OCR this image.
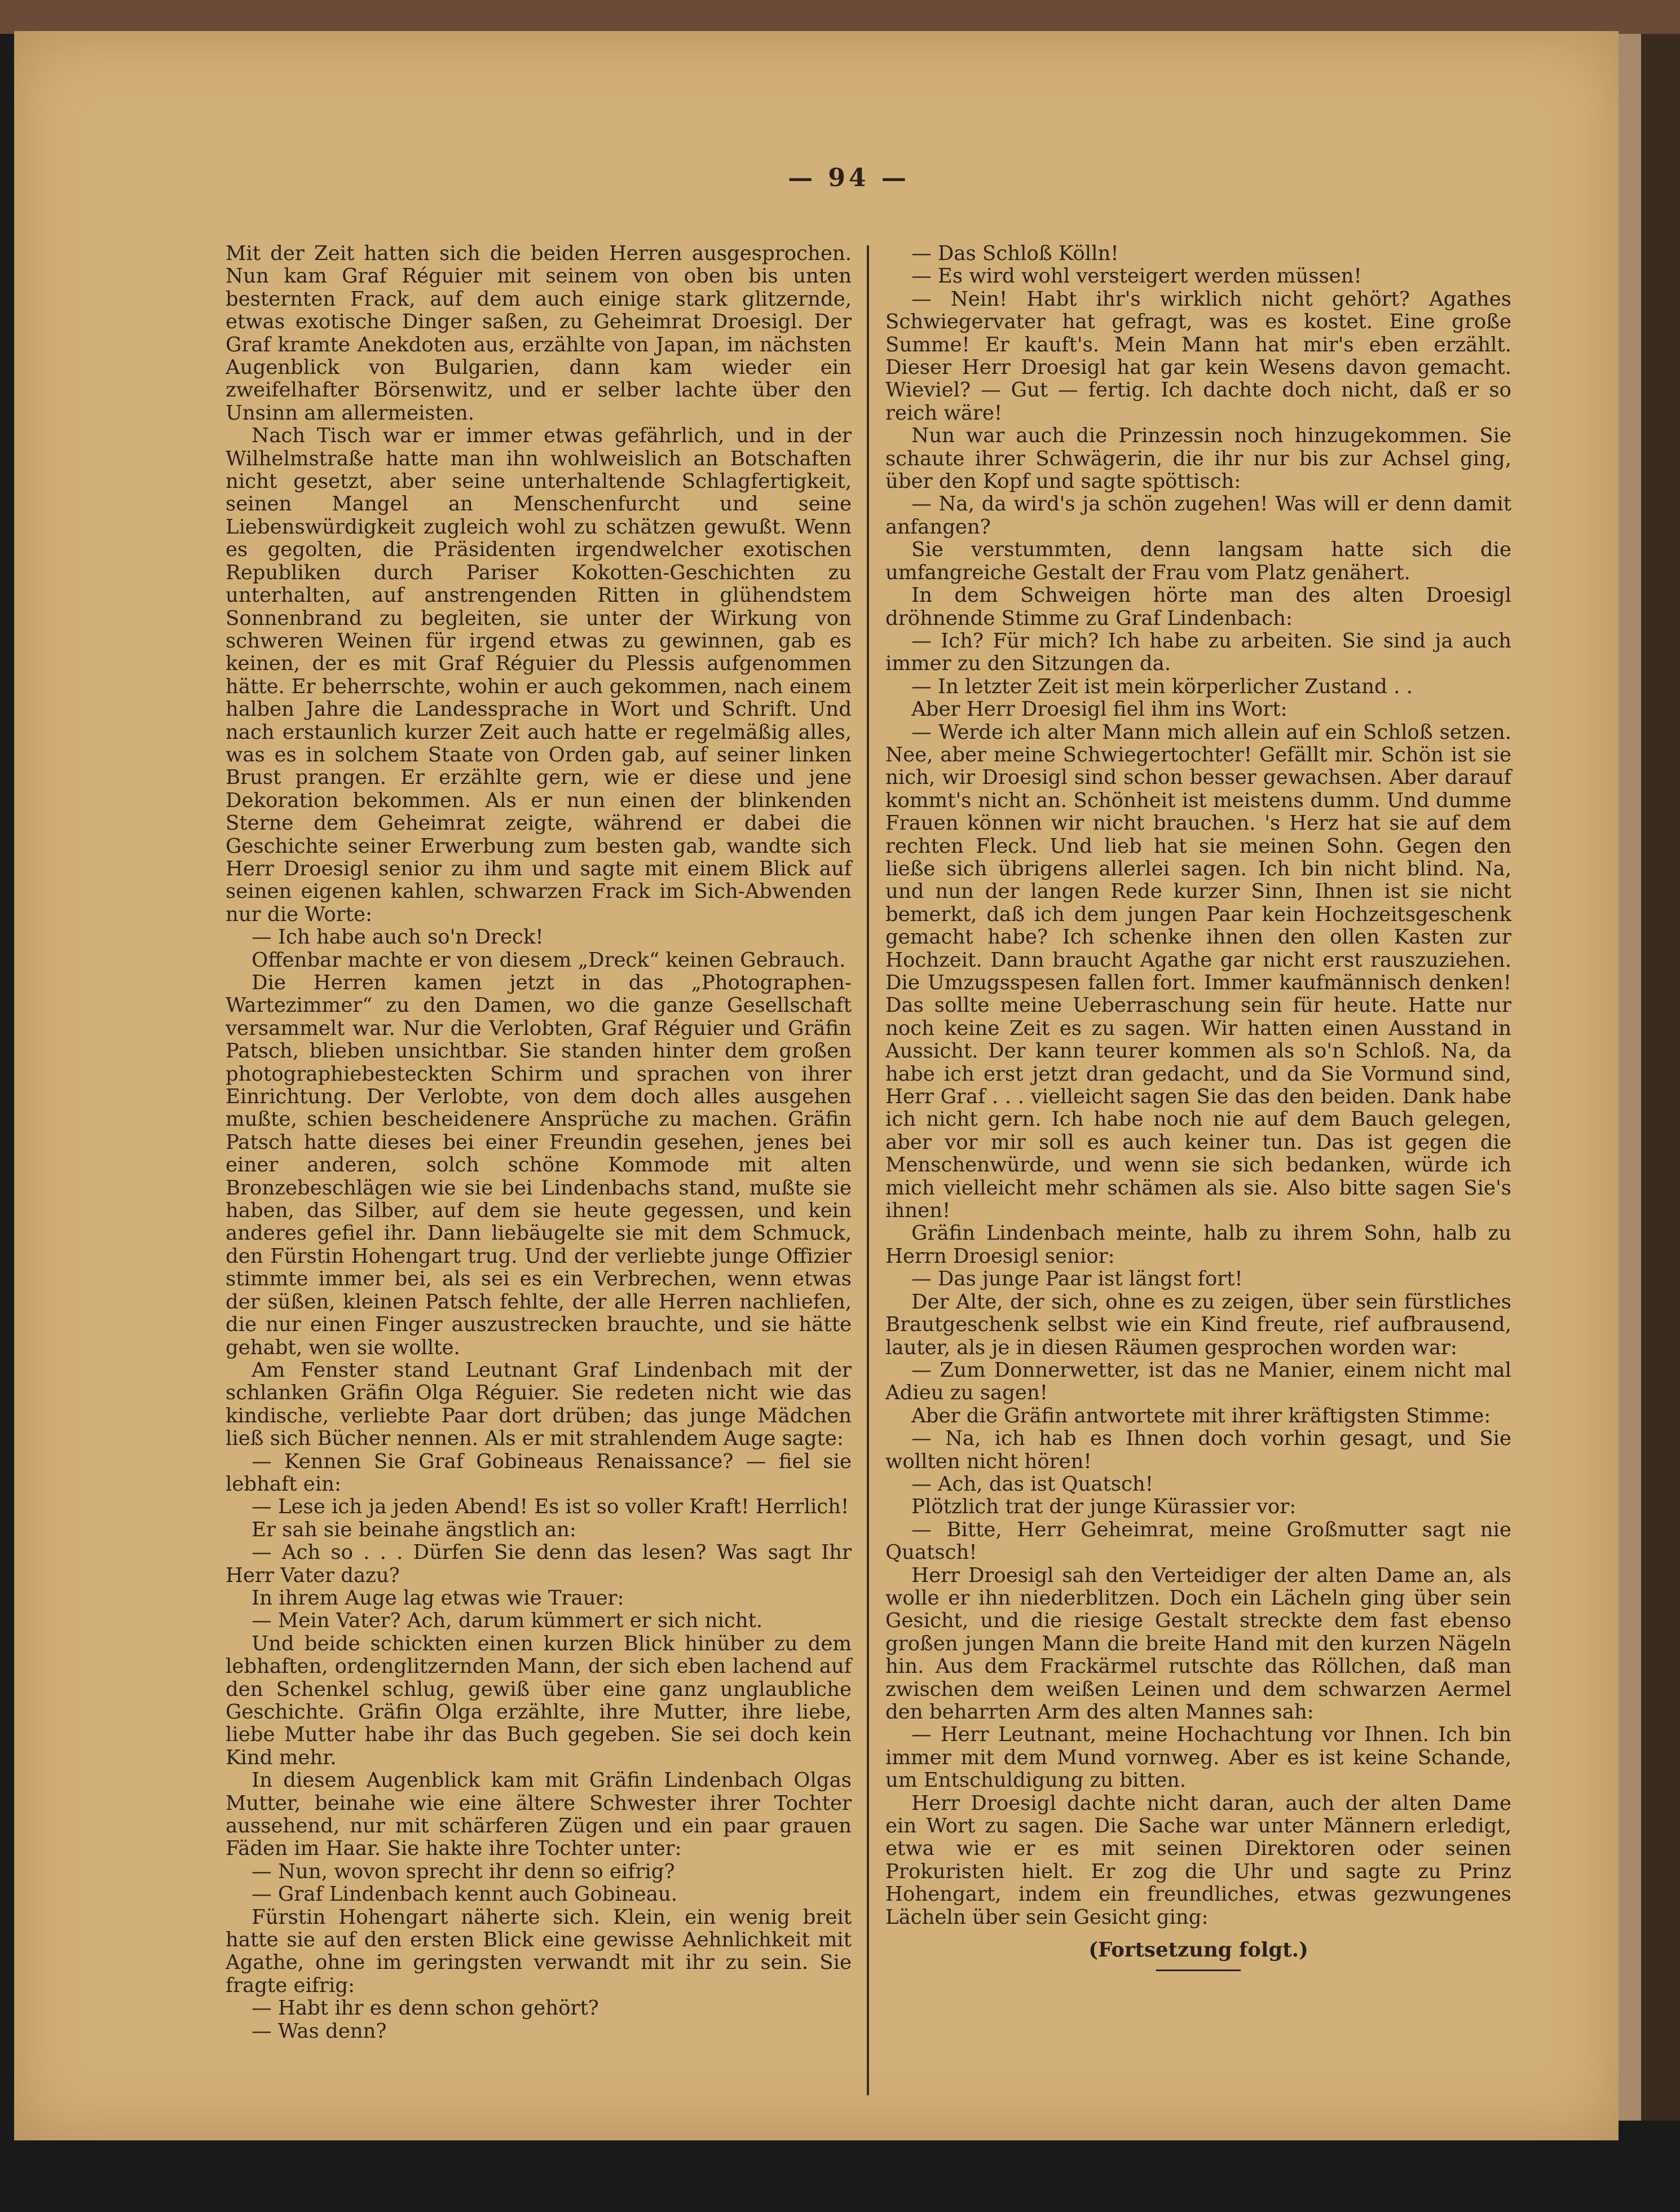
— 94 —

Mit der Zeit hatten sich die beiden Herren ausgesprochen. Nun kam Graf Réguier mit seinem von oben bis unten besternten Frack, auf dem auch einige stark glitzernde, etwas exotische Dinger saßen, zu Geheimrat Droesigl. Der Graf kramte Anekdoten aus, erzählte von Japan, im nächsten Augenblick von Bulgarien, dann kam wieder ein zweifelhafter Börsenwitz, und er selber lachte über den Unsinn am allermeisten.

Nach Tisch war er immer etwas gefährlich, und in der Wilhelmstraße hatte man ihn wohlweislich an Botschaften nicht gesetzt, aber seine unterhaltende Schlagfertigkeit, seinen Mangel an Menschenfurcht und seine Liebenswürdigkeit zugleich wohl zu schätzen gewußt. Wenn es gegolten, die Präsidenten irgendwelcher exotischen Republiken durch Pariser Kokotten-Geschichten zu unterhalten, auf anstrengenden Ritten in glühendstem Sonnenbrand zu begleiten, sie unter der Wirkung von schweren Weinen für irgend etwas zu gewinnen, gab es keinen, der es mit Graf Réguier du Plessis aufgenommen hätte. Er beherrschte, wohin er auch gekommen, nach einem halben Jahre die Landessprache in Wort und Schrift. Und nach erstaunlich kurzer Zeit auch hatte er regelmäßig alles, was es in solchem Staate von Orden gab, auf seiner linken Brust prangen. Er erzählte gern, wie er diese und jene Dekoration bekommen. Als er nun einen der blinkenden Sterne dem Geheimrat zeigte, während er dabei die Geschichte seiner Erwerbung zum besten gab, wandte sich Herr Droesigl senior zu ihm und sagte mit einem Blick auf seinen eigenen kahlen, schwarzen Frack im Sich-Abwenden nur die Worte:

— Ich habe auch so'n Dreck!

Offenbar machte er von diesem „Dreck“ keinen Gebrauch.

Die Herren kamen jetzt in das „Photographen-Wartezimmer“ zu den Damen, wo die ganze Gesellschaft versammelt war. Nur die Verlobten, Graf Réguier und Gräfin Patsch, blieben unsichtbar. Sie standen hinter dem großen photographiebesteckten Schirm und sprachen von ihrer Einrichtung. Der Verlobte, von dem doch alles ausgehen mußte, schien bescheidenere Ansprüche zu machen. Gräfin Patsch hatte dieses bei einer Freundin gesehen, jenes bei einer anderen, solch schöne Kommode mit alten Bronzebeschlägen wie sie bei Lindenbachs stand, mußte sie haben, das Silber, auf dem sie heute gegessen, und kein anderes gefiel ihr. Dann liebäugelte sie mit dem Schmuck, den Fürstin Hohengart trug. Und der verliebte junge Offizier stimmte immer bei, als sei es ein Verbrechen, wenn etwas der süßen, kleinen Patsch fehlte, der alle Herren nachliefen, die nur einen Finger auszustrecken brauchte, und sie hätte gehabt, wen sie wollte.

Am Fenster stand Leutnant Graf Lindenbach mit der schlanken Gräfin Olga Réguier. Sie redeten nicht wie das kindische, verliebte Paar dort drüben; das junge Mädchen ließ sich Bücher nennen. Als er mit strahlendem Auge sagte:

— Kennen Sie Graf Gobineaus Renaissance? — fiel sie lebhaft ein:

— Lese ich ja jeden Abend! Es ist so voller Kraft! Herrlich!

Er sah sie beinahe ängstlich an:

— Ach so . . . Dürfen Sie denn das lesen? Was sagt Ihr Herr Vater dazu?

In ihrem Auge lag etwas wie Trauer:

— Mein Vater? Ach, darum kümmert er sich nicht.

Und beide schickten einen kurzen Blick hinüber zu dem lebhaften, ordenglitzernden Mann, der sich eben lachend auf den Schenkel schlug, gewiß über eine ganz unglaubliche Geschichte. Gräfin Olga erzählte, ihre Mutter, ihre liebe, liebe Mutter habe ihr das Buch gegeben. Sie sei doch kein Kind mehr.

In diesem Augenblick kam mit Gräfin Lindenbach Olgas Mutter, beinahe wie eine ältere Schwester ihrer Tochter aussehend, nur mit schärferen Zügen und ein paar grauen Fäden im Haar. Sie hakte ihre Tochter unter:

— Nun, wovon sprecht ihr denn so eifrig?

— Graf Lindenbach kennt auch Gobineau.

Fürstin Hohengart näherte sich. Klein, ein wenig breit hatte sie auf den ersten Blick eine gewisse Aehnlichkeit mit Agathe, ohne im geringsten verwandt mit ihr zu sein. Sie fragte eifrig:

— Habt ihr es denn schon gehört?

— Was denn?

— Das Schloß Kölln!

— Es wird wohl versteigert werden müssen!

— Nein! Habt ihr's wirklich nicht gehört? Agathes Schwiegervater hat gefragt, was es kostet. Eine große Summe! Er kauft's. Mein Mann hat mir's eben erzählt. Dieser Herr Droesigl hat gar kein Wesens davon gemacht. Wieviel? — Gut — fertig. Ich dachte doch nicht, daß er so reich wäre!

Nun war auch die Prinzessin noch hinzugekommen. Sie schaute ihrer Schwägerin, die ihr nur bis zur Achsel ging, über den Kopf und sagte spöttisch:

— Na, da wird's ja schön zugehen! Was will er denn damit anfangen?

Sie verstummten, denn langsam hatte sich die umfangreiche Gestalt der Frau vom Platz genähert.

In dem Schweigen hörte man des alten Droesigl dröhnende Stimme zu Graf Lindenbach:

— Ich? Für mich? Ich habe zu arbeiten. Sie sind ja auch immer zu den Sitzungen da.

— In letzter Zeit ist mein körperlicher Zustand . .

Aber Herr Droesigl fiel ihm ins Wort:

— Werde ich alter Mann mich allein auf ein Schloß setzen. Nee, aber meine Schwiegertochter! Gefällt mir. Schön ist sie nich, wir Droesigl sind schon besser gewachsen. Aber darauf kommt's nicht an. Schönheit ist meistens dumm. Und dumme Frauen können wir nicht brauchen. 's Herz hat sie auf dem rechten Fleck. Und lieb hat sie meinen Sohn. Gegen den ließe sich übrigens allerlei sagen. Ich bin nicht blind. Na, und nun der langen Rede kurzer Sinn, Ihnen ist sie nicht bemerkt, daß ich dem jungen Paar kein Hochzeitsgeschenk gemacht habe? Ich schenke ihnen den ollen Kasten zur Hochzeit. Dann braucht Agathe gar nicht erst rauszuziehen. Die Umzugsspesen fallen fort. Immer kaufmännisch denken! Das sollte meine Ueberraschung sein für heute. Hatte nur noch keine Zeit es zu sagen. Wir hatten einen Ausstand in Aussicht. Der kann teurer kommen als so'n Schloß. Na, da habe ich erst jetzt dran gedacht, und da Sie Vormund sind, Herr Graf . . . vielleicht sagen Sie das den beiden. Dank habe ich nicht gern. Ich habe noch nie auf dem Bauch gelegen, aber vor mir soll es auch keiner tun. Das ist gegen die Menschenwürde, und wenn sie sich bedanken, würde ich mich vielleicht mehr schämen als sie. Also bitte sagen Sie's ihnen!

Gräfin Lindenbach meinte, halb zu ihrem Sohn, halb zu Herrn Droesigl senior:

— Das junge Paar ist längst fort!

Der Alte, der sich, ohne es zu zeigen, über sein fürstliches Brautgeschenk selbst wie ein Kind freute, rief aufbrausend, lauter, als je in diesen Räumen gesprochen worden war:

— Zum Donnerwetter, ist das ne Manier, einem nicht mal Adieu zu sagen!

Aber die Gräfin antwortete mit ihrer kräftigsten Stimme:

— Na, ich hab es Ihnen doch vorhin gesagt, und Sie wollten nicht hören!

— Ach, das ist Quatsch!

Plötzlich trat der junge Kürassier vor:

— Bitte, Herr Geheimrat, meine Großmutter sagt nie Quatsch!

Herr Droesigl sah den Verteidiger der alten Dame an, als wolle er ihn niederblitzen. Doch ein Lächeln ging über sein Gesicht, und die riesige Gestalt streckte dem fast ebenso großen jungen Mann die breite Hand mit den kurzen Nägeln hin. Aus dem Frackärmel rutschte das Röllchen, daß man zwischen dem weißen Leinen und dem schwarzen Aermel den beharrten Arm des alten Mannes sah:

— Herr Leutnant, meine Hochachtung vor Ihnen. Ich bin immer mit dem Mund vornweg. Aber es ist keine Schande, um Entschuldigung zu bitten.

Herr Droesigl dachte nicht daran, auch der alten Dame ein Wort zu sagen. Die Sache war unter Männern erledigt, etwa wie er es mit seinen Direktoren oder seinen Prokuristen hielt. Er zog die Uhr und sagte zu Prinz Hohengart, indem ein freundliches, etwas gezwungenes Lächeln über sein Gesicht ging:

(Fortsetzung folgt.)
